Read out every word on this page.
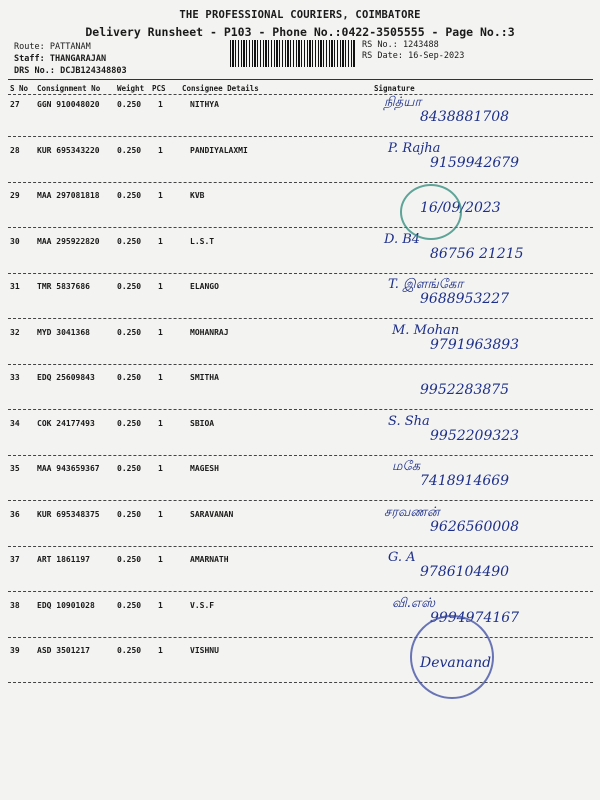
THE PROFESSIONAL COURIERS, COIMBATORE
Delivery Runsheet - P103 - Phone No.:0422-3505555 - Page No.:3
Route: PATTANAM
Staff: THANGARAJAN
DRS No.: DCJB124348803
RS No.: 1243488
RS Date: 16-Sep-2023
S No Consignment No Weight PCS Consignee Details	Signature
27 GGN 910048020 0.250 1	NITHYA	நித்யா
8438881708
28 KUR 695343220 0.250 1	PANDIYALAXMI	P. Rajha
9159942679
29 MAA 297081818 0.250 1	KVB
16/09/2023
30 MAA 295922820 0.250 1	L.S.T	D. B4
86756 21215
31 TMR 5837686	0.250 1	ELANGO	T. இளங்கோ
9688953227
32 MYD 3041368	0.250 1	MOHANRAJ	M. Mohan
9791963893
33 EDQ 25609843	0.250 1	SMITHA
9952283875
34 COK 24177493	0.250 1	SBIOA	S. Sha
9952209323
35 MAA 943659367 0.250 1	MAGESH	மகே
7418914669
36 KUR 695348375 0.250 1	SARAVANAN	சரவணன்
9626560008
37 ART 1861197	0.250 1	AMARNATH	G. A
9786104490
38 EDQ 10901028	0.250 1	V.S.F	வி.எஸ்
9994974167
39 ASD 3501217	0.250 1	VISHNU
Devanand
